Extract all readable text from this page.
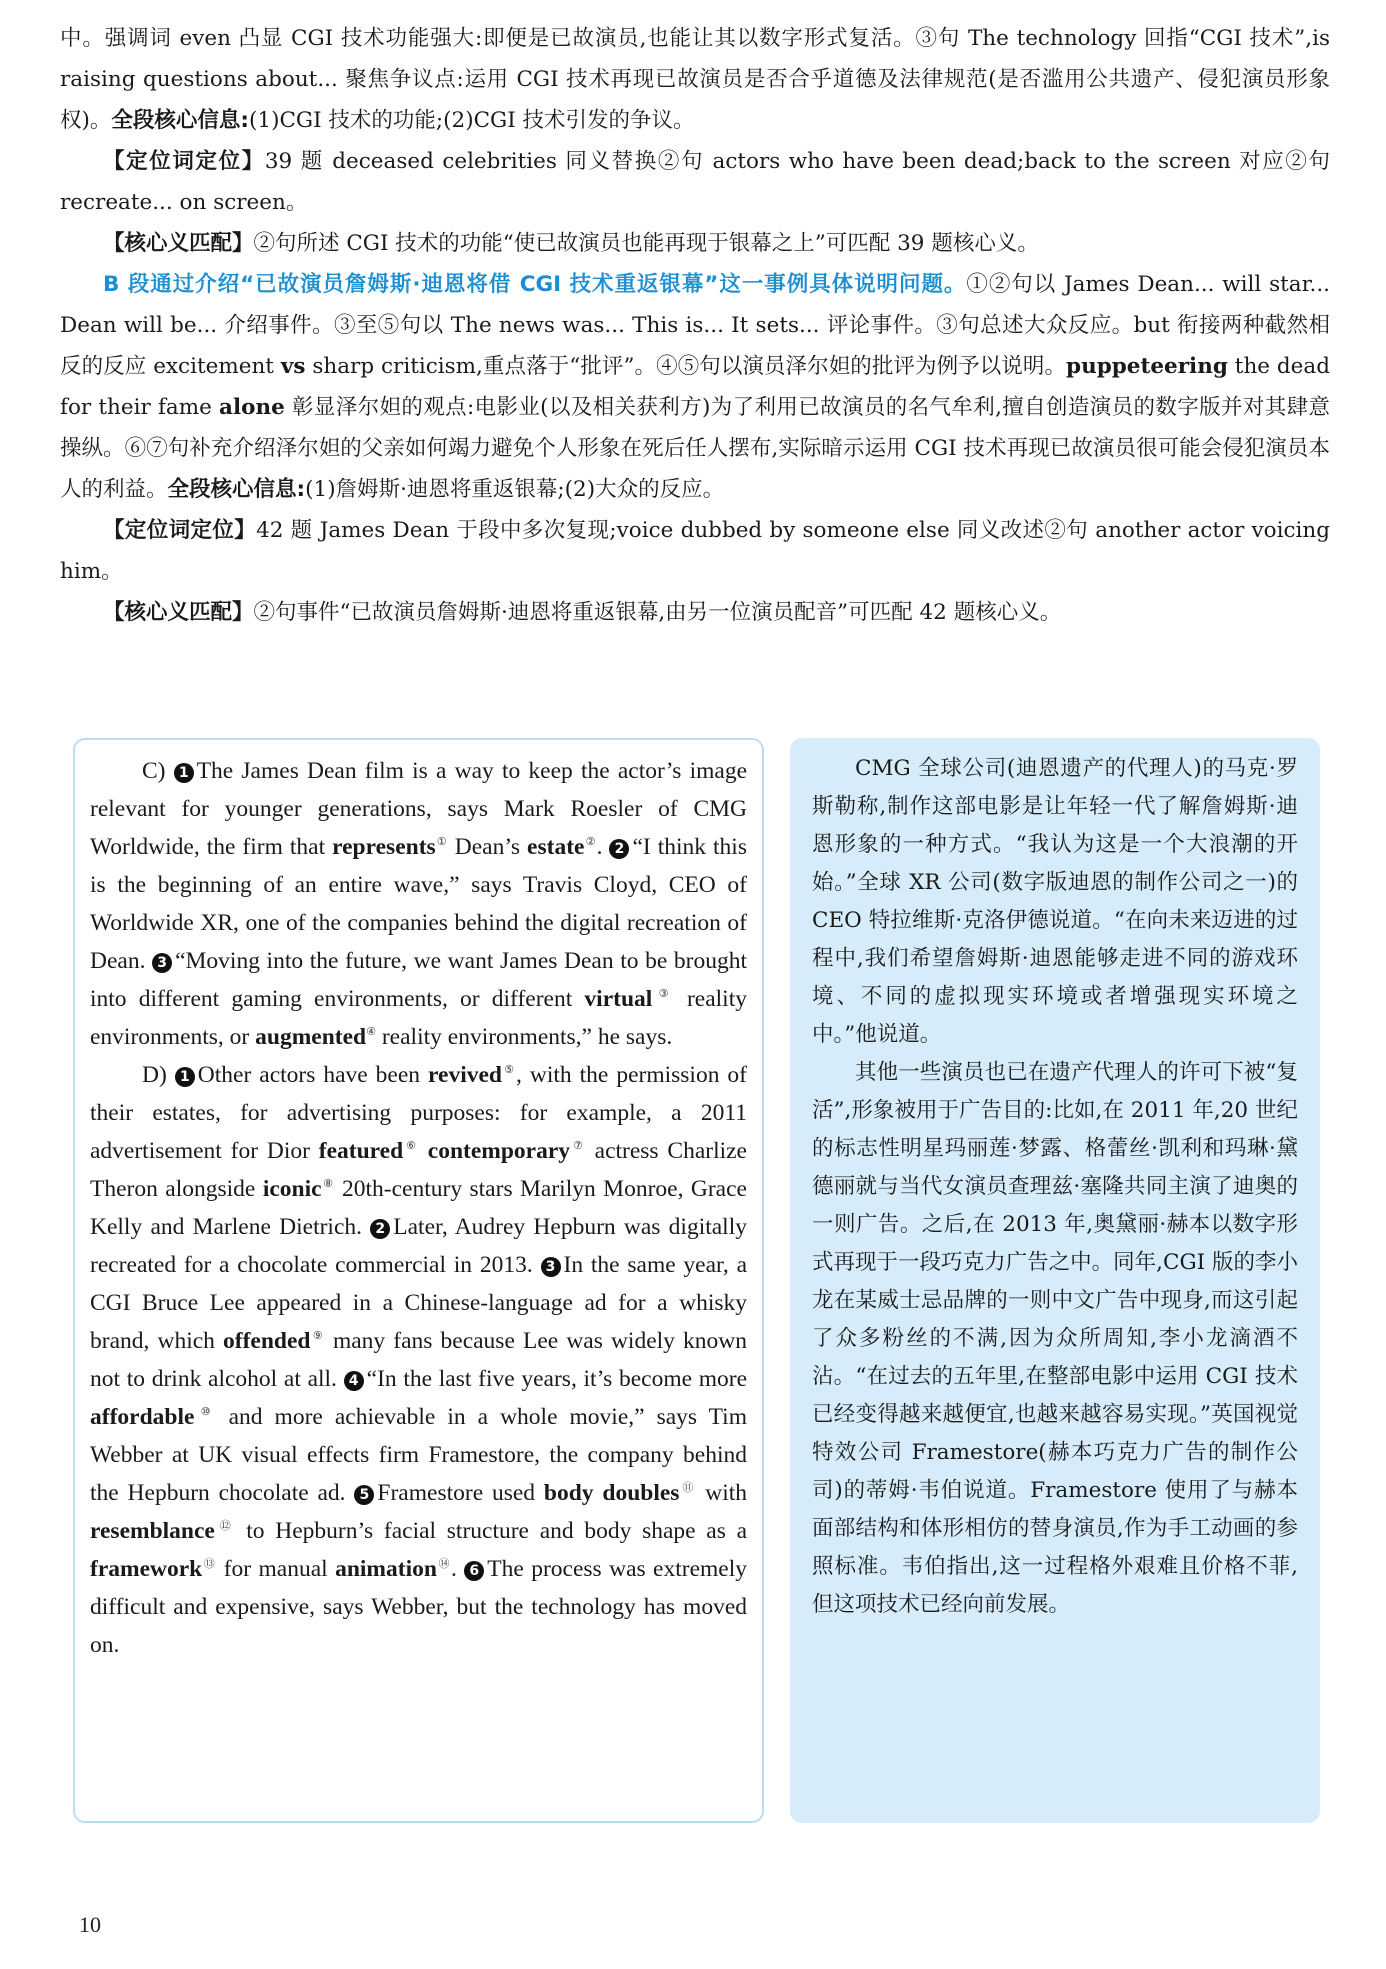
中。强调词 even 凸显 CGI 技术功能强大:即便是已故演员,也能让其以数字形式复活。③句 The technology 回指“CGI 技术”,is raising questions about... 聚焦争议点:运用 CGI 技术再现已故演员是否合乎道德及法律规范(是否滥用公共遗产、侵犯演员形象权)。全段核心信息:(1)CGI 技术的功能;(2)CGI 技术引发的争议。

【定位词定位】39 题 deceased celebrities 同义替换②句 actors who have been dead;back to the screen 对应②句 recreate... on screen。

【核心义匹配】②句所述 CGI 技术的功能“使已故演员也能再现于银幕之上”可匹配 39 题核心义。

B 段通过介绍“已故演员詹姆斯·迪恩将借 CGI 技术重返银幕”这一事例具体说明问题。①②句以 James Dean... will star... Dean will be... 介绍事件。③至⑤句以 The news was... This is... It sets... 评论事件。③句总述大众反应。but 衔接两种截然相反的反应 excitement vs sharp criticism,重点落于“批评”。④⑤句以演员泽尔妲的批评为例予以说明。puppeteering the dead for their fame alone 彰显泽尔妲的观点:电影业(以及相关获利方)为了利用已故演员的名气牟利,擅自创造演员的数字版并对其肆意操纵。⑥⑦句补充介绍泽尔妲的父亲如何竭力避免个人形象在死后任人摆布,实际暗示运用 CGI 技术再现已故演员很可能会侵犯演员本人的利益。全段核心信息:(1)詹姆斯·迪恩将重返银幕;(2)大众的反应。

【定位词定位】42 题 James Dean 于段中多次复现;voice dubbed by someone else 同义改述②句 another actor voicing him。

【核心义匹配】②句事件“已故演员詹姆斯·迪恩将重返银幕,由另一位演员配音”可匹配 42 题核心义。

C) 1 The James Dean film is a way to keep the actor’s image relevant for younger generations, says Mark Roesler of CMG Worldwide, the firm that represents① Dean’s estate②. 2 “I think this is the beginning of an entire wave,” says Travis Cloyd, CEO of Worldwide XR, one of the companies behind the digital recreation of Dean. 3 “Moving into the future, we want James Dean to be brought into different gaming environments, or different virtual③ reality environments, or augmented④ reality environments,” he says.

D) 1 Other actors have been revived⑤, with the permission of their estates, for advertising purposes: for example, a 2011 advertisement for Dior featured⑥ contemporary⑦ actress Charlize Theron alongside iconic⑧ 20th-century stars Marilyn Monroe, Grace Kelly and Marlene Dietrich. 2 Later, Audrey Hepburn was digitally recreated for a chocolate commercial in 2013. 3 In the same year, a CGI Bruce Lee appeared in a Chinese-language ad for a whisky brand, which offended⑨ many fans because Lee was widely known not to drink alcohol at all. 4 “In the last five years, it’s become more affordable⑩ and more achievable in a whole movie,” says Tim Webber at UK visual effects firm Framestore, the company behind the Hepburn chocolate ad. 5 Framestore used body doubles⑪ with resemblance⑫ to Hepburn’s facial structure and body shape as a framework⑬ for manual animation⑭. 6 The process was extremely difficult and expensive, says Webber, but the technology has moved on.

CMG 全球公司(迪恩遗产的代理人)的马克·罗斯勒称,制作这部电影是让年轻一代了解詹姆斯·迪恩形象的一种方式。“我认为这是一个大浪潮的开始。”全球 XR 公司(数字版迪恩的制作公司之一)的 CEO 特拉维斯·克洛伊德说道。“在向未来迈进的过程中,我们希望詹姆斯·迪恩能够走进不同的游戏环境、不同的虚拟现实环境或者增强现实环境之中。”他说道。

其他一些演员也已在遗产代理人的许可下被“复活”,形象被用于广告目的:比如,在 2011 年,20 世纪的标志性明星玛丽莲·梦露、格蕾丝·凯利和玛琳·黛德丽就与当代女演员查理兹·塞隆共同主演了迪奥的一则广告。之后,在 2013 年,奥黛丽·赫本以数字形式再现于一段巧克力广告之中。同年,CGI 版的李小龙在某威士忌品牌的一则中文广告中现身,而这引起了众多粉丝的不满,因为众所周知,李小龙滴酒不沾。“在过去的五年里,在整部电影中运用 CGI 技术已经变得越来越便宜,也越来越容易实现。”英国视觉特效公司 Framestore(赫本巧克力广告的制作公司)的蒂姆·韦伯说道。Framestore 使用了与赫本面部结构和体形相仿的替身演员,作为手工动画的参照标准。韦伯指出,这一过程格外艰难且价格不菲,但这项技术已经向前发展。

10
